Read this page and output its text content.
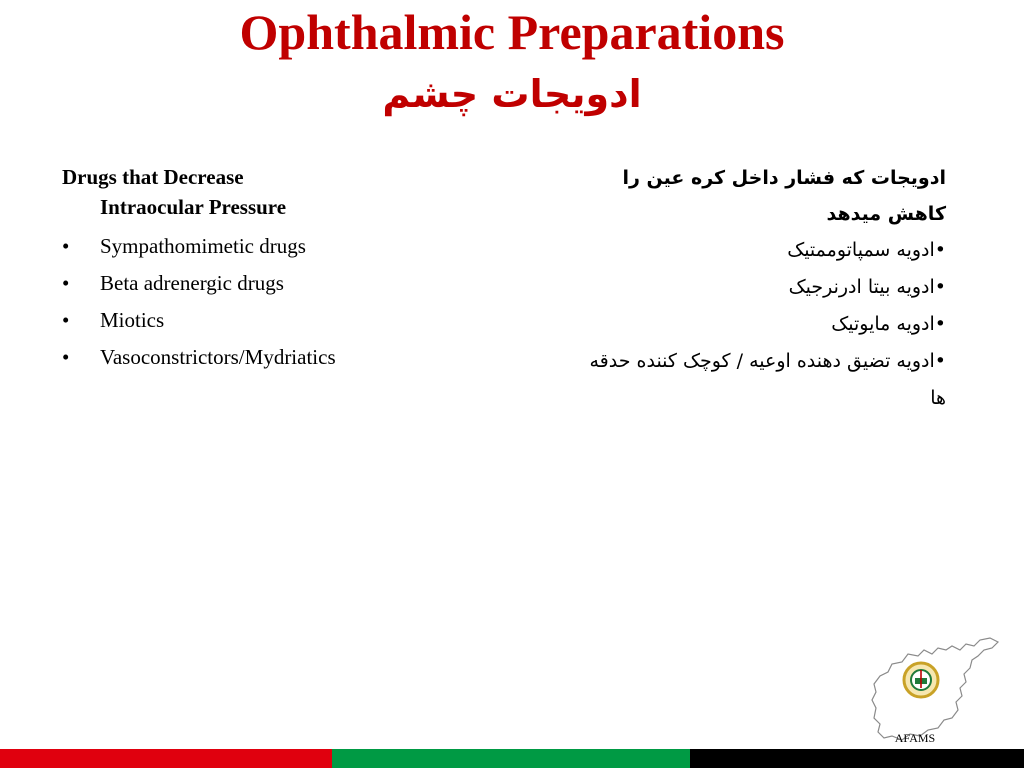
Ophthalmic Preparations
ادویجات چشم
Drugs that Decrease
Intraocular Pressure
• Sympathomimetic drugs
• Beta adrenergic drugs
• Miotics
• Vasoconstrictors/Mydriatics
ادویجات که فشار داخل کره عین را کاهش میدهد
•ادویه سمپاتوممتیک
•ادویه بیتا ادرنرجیک
•ادویه مایوتیک
•ادویه تضیق دهنده اوعیه / کوچک کننده حدقه ها
AFAMS
